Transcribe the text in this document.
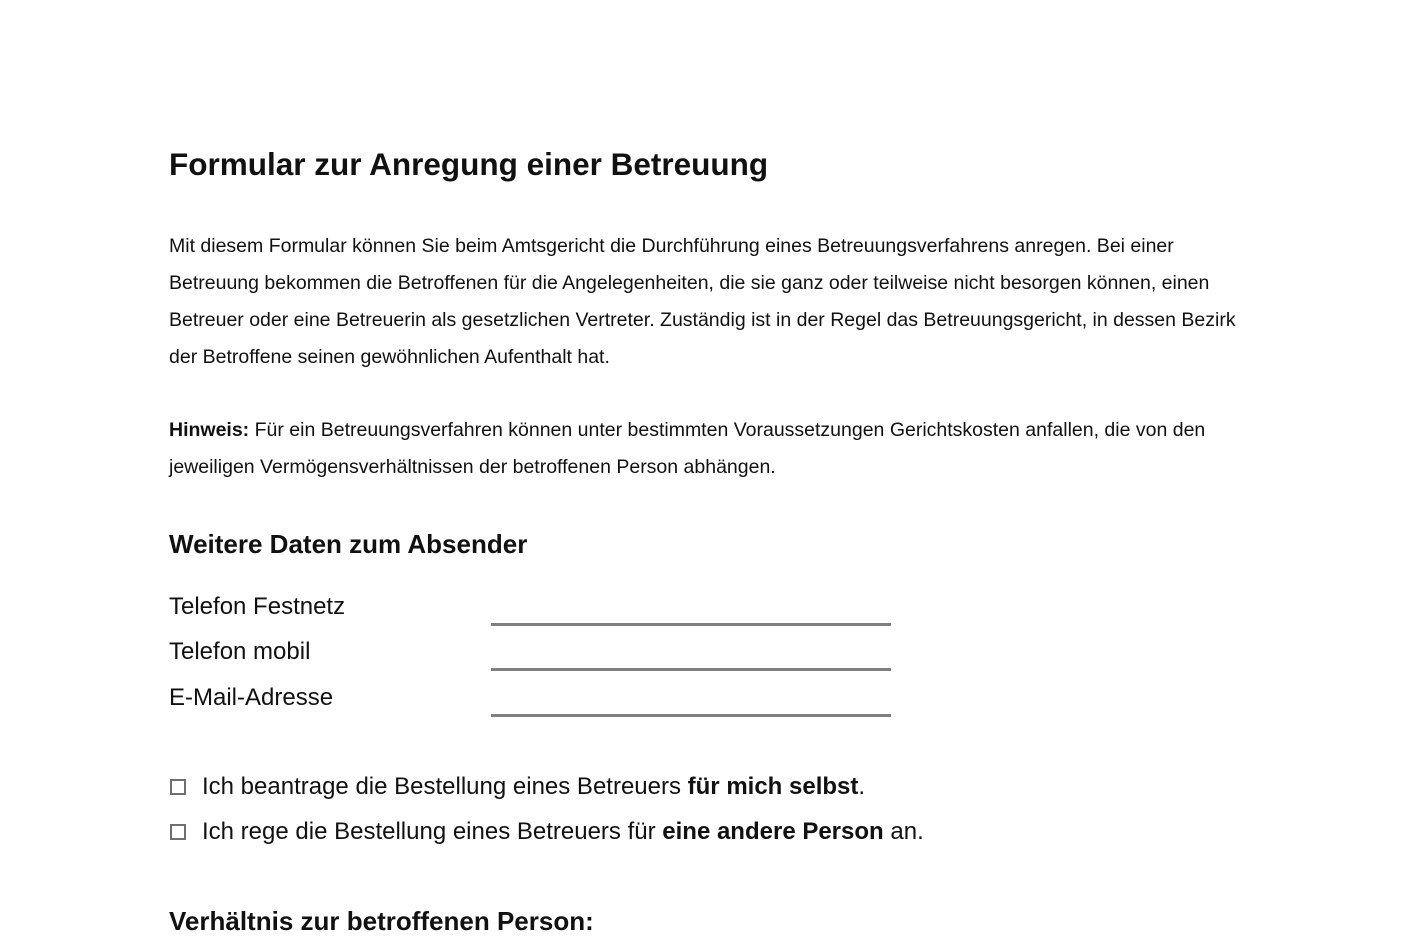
Formular zur Anregung einer Betreuung

Mit diesem Formular können Sie beim Amtsgericht die Durchführung eines Betreuungsverfahrens anregen. Bei einer Betreuung bekommen die Betroffenen für die Angelegenheiten, die sie ganz oder teilweise nicht besorgen können, einen Betreuer oder eine Betreuerin als gesetzlichen Vertreter. Zuständig ist in der Regel das Betreuungsgericht, in dessen Bezirk der Betroffene seinen gewöhnlichen Aufenthalt hat.

Hinweis: Für ein Betreuungsverfahren können unter bestimmten Voraussetzungen Gerichtskosten anfallen, die von den jeweiligen Vermögensverhältnissen der betroffenen Person abhängen.

Weitere Daten zum Absender
Telefon Festnetz
Telefon mobil
E-Mail-Adresse
Ich beantrage die Bestellung eines Betreuers für mich selbst.
Ich rege die Bestellung eines Betreuers für eine andere Person an.
Verhältnis zur betroffenen Person:
